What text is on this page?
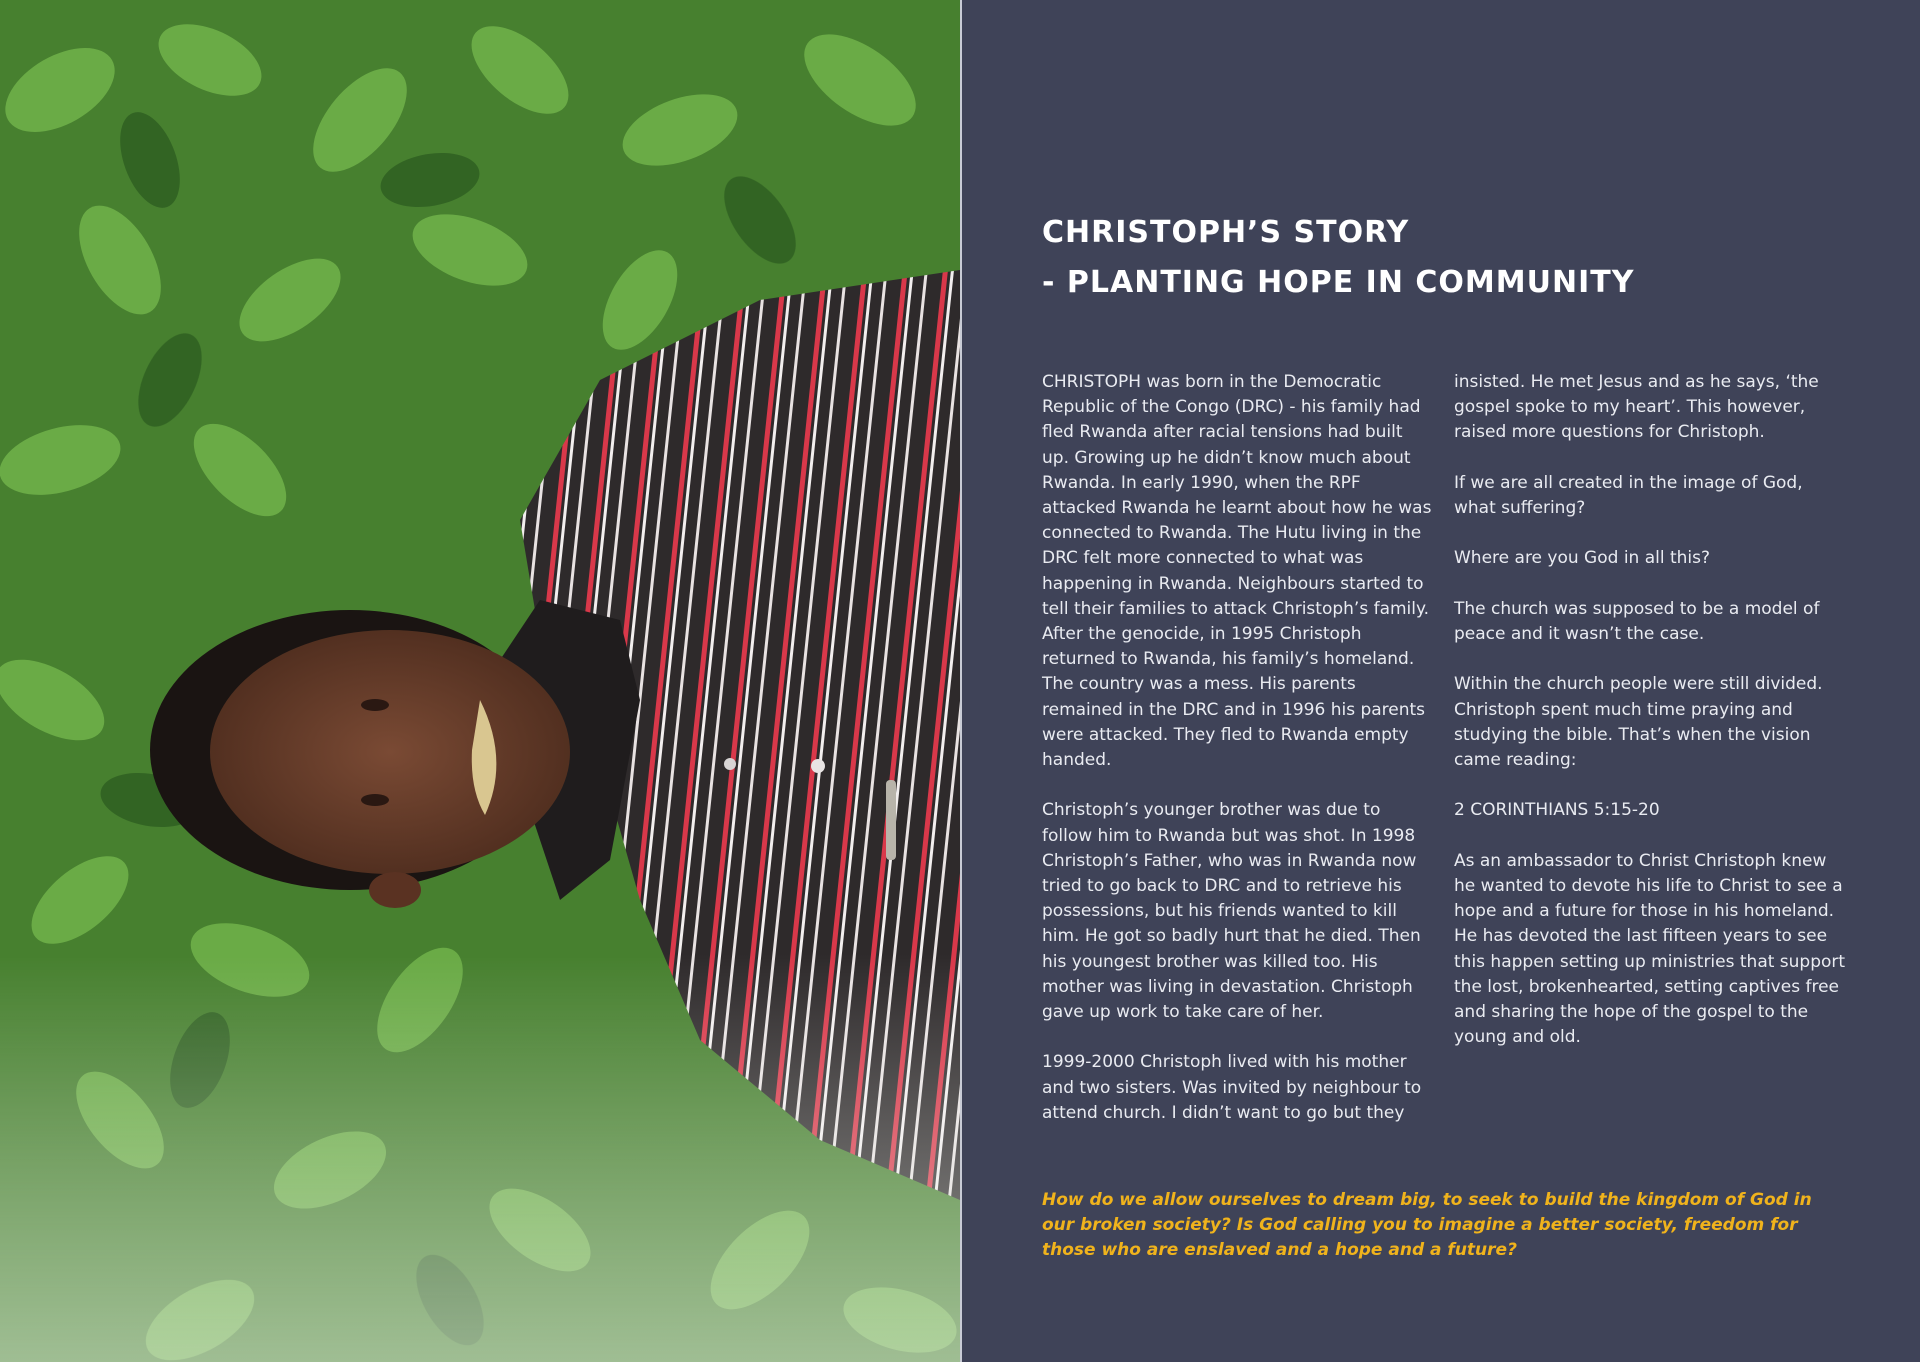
CHRISTOPH’S STORY
- PLANTING HOPE IN COMMUNITY

CHRISTOPH was born in the Democratic Republic of the Congo (DRC) - his family had fled Rwanda after racial tensions had built up. Growing up he didn’t know much about Rwanda. In early 1990, when the RPF attacked Rwanda he learnt about how he was connected to Rwanda. The Hutu living in the DRC felt more connected to what was happening in Rwanda. Neighbours started to tell their families to attack Christoph’s family. After the genocide, in 1995 Christoph returned to Rwanda, his family’s homeland. The country was a mess. His parents remained in the DRC and in 1996 his parents were attacked. They fled to Rwanda empty handed.

Christoph’s younger brother was due to follow him to Rwanda but was shot. In 1998 Christoph’s Father, who was in Rwanda now tried to go back to DRC and to retrieve his possessions, but his friends wanted to kill him. He got so badly hurt that he died. Then his youngest brother was killed too. His mother was living in devastation. Christoph gave up work to take care of her.

1999-2000 Christoph lived with his mother and two sisters. Was invited by neighbour to attend church. I didn’t want to go but they

insisted. He met Jesus and as he says, ‘the gospel spoke to my heart’. This however, raised more questions for Christoph.

If we are all created in the image of God, what suffering?

Where are you God in all this?

The church was supposed to be a model of peace and it wasn’t the case.

Within the church people were still divided. Christoph spent much time praying and studying the bible. That’s when the vision came reading:

2 CORINTHIANS 5:15-20

As an ambassador to Christ Christoph knew he wanted to devote his life to Christ to see a hope and a future for those in his homeland. He has devoted the last fifteen years to see this happen setting up ministries that support the lost, brokenhearted, setting captives free and sharing the hope of the gospel to the young and old.

How do we allow ourselves to dream big, to seek to build the kingdom of God in our broken society? Is God calling you to imagine a better society, freedom for those who are enslaved and a hope and a future?
